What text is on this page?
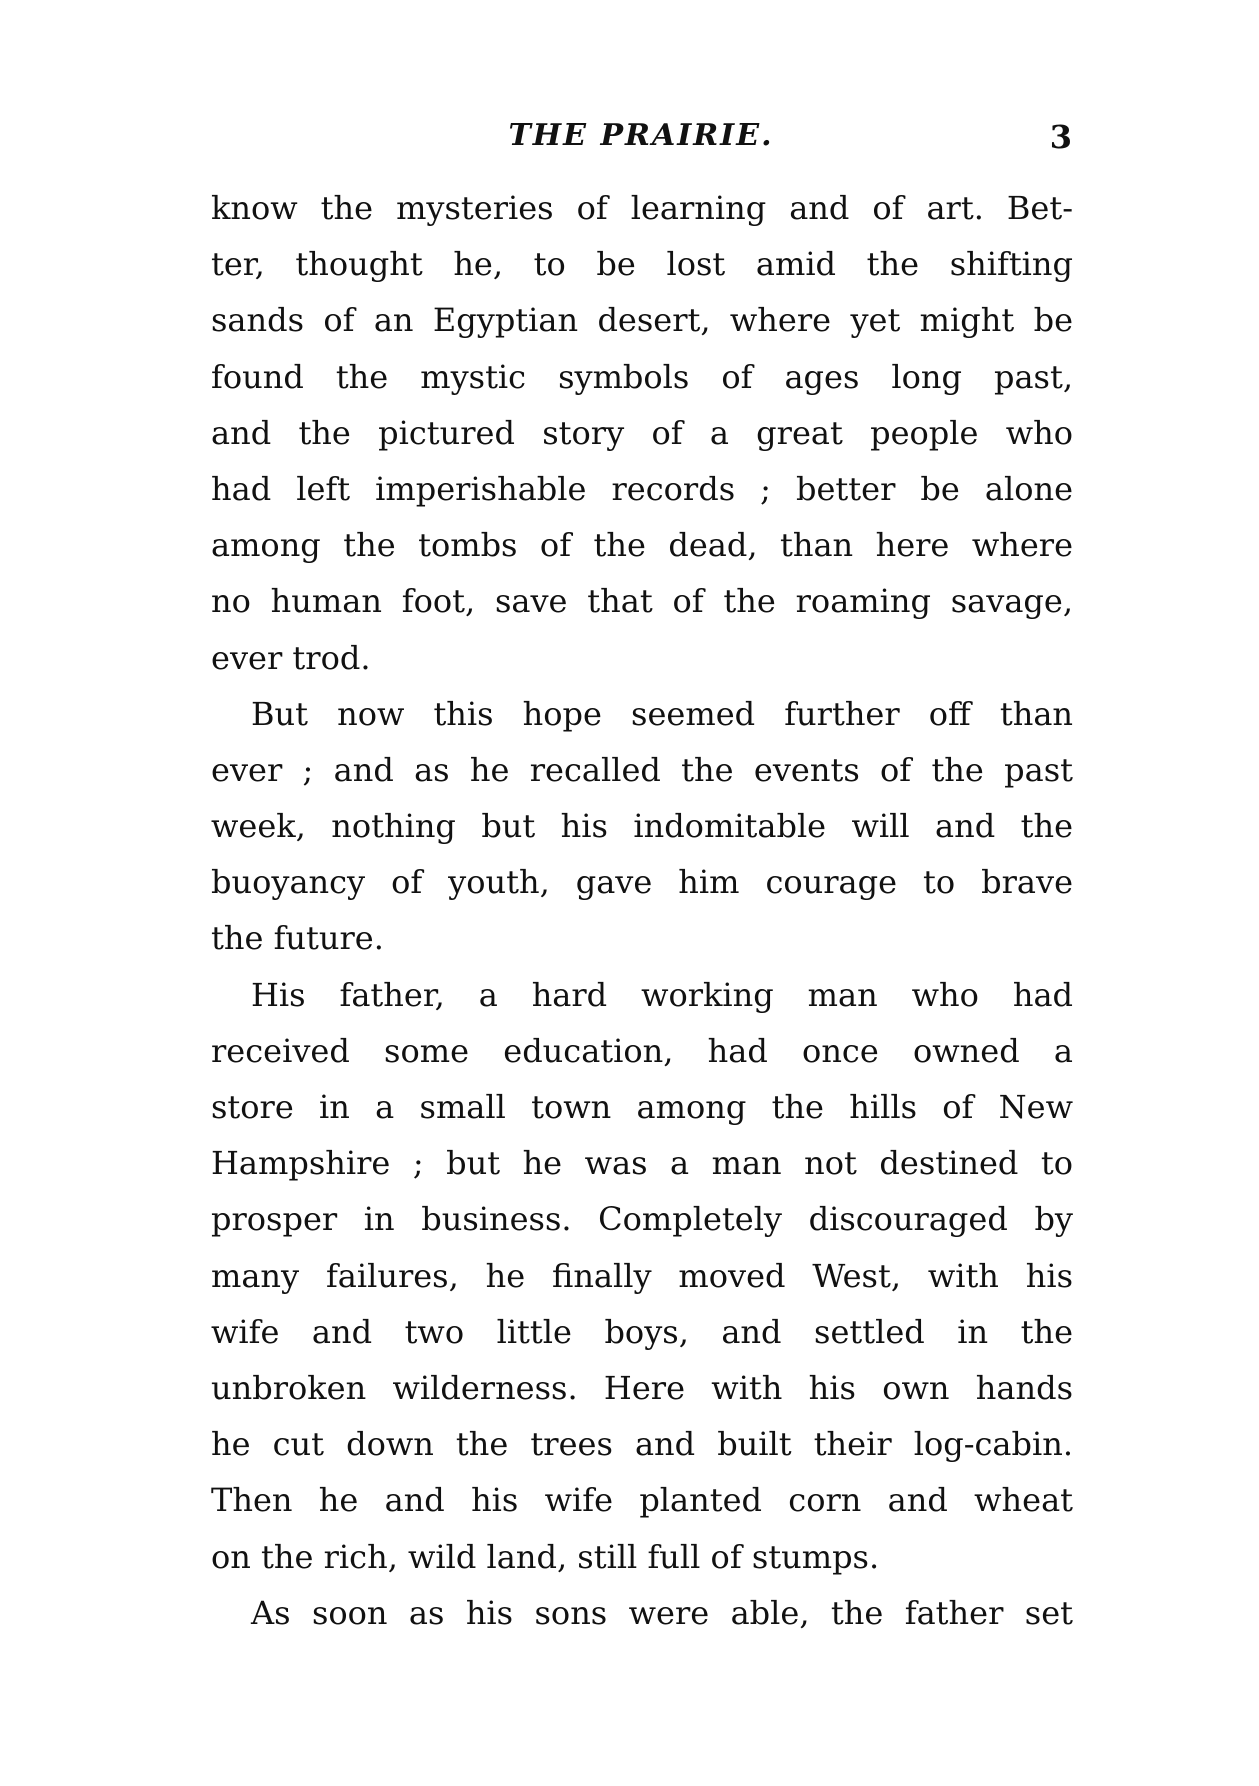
THE PRAIRIE.	3
know the mysteries of learning and of art. Bet-
ter, thought he, to be lost amid the shifting
sands of an Egyptian desert, where yet might be
found the mystic symbols of ages long past,
and the pictured story of a great people who
had left imperishable records ; better be alone
among the tombs of the dead, than here where
no human foot, save that of the roaming savage,
ever trod.
But now this hope seemed further off than
ever ; and as he recalled the events of the past
week, nothing but his indomitable will and the
buoyancy of youth, gave him courage to brave
the future.
His father, a hard working man who had
received some education, had once owned a
store in a small town among the hills of New
Hampshire ; but he was a man not destined to
prosper in business. Completely discouraged by
many failures, he finally moved West, with his
wife and two little boys, and settled in the
unbroken wilderness. Here with his own hands
he cut down the trees and built their log-cabin.
Then he and his wife planted corn and wheat
on the rich, wild land, still full of stumps.
As soon as his sons were able, the father set
